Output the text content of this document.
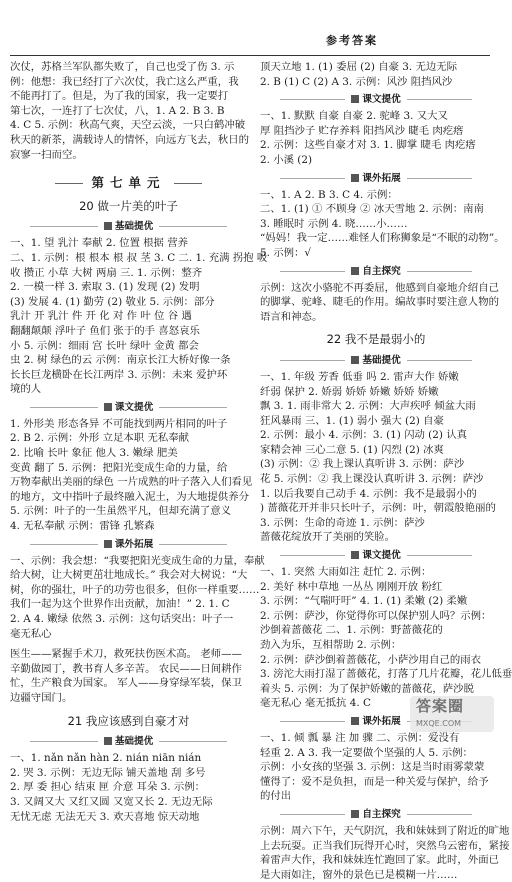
参考答案

次仗，苏格兰军队都失败了，自己也受了伤 3. 示

例：他想：我已经打了六次仗，我亡这么严重，我

不能再打了。但是，为了我的国家，我一定要打

第七次，一连打了七次仗，八，1. A 2. B 3. B

4. C 5. 示例：秋高气爽，天空云淡，一只白鹤冲破

秋天的新茶，满载诗人的情怀，向远方飞去，秋日的

寂寥一扫而空。

第七单元
20 做一片美的叶子
基础提优

一、1. 望 乳汁 奉献 2. 位置 根据 营养

二、1. 示例：根 根本 根 叔 茎 3. C 二. 1. 充满 拐抱 吸

收 攒正 小草 大树 两扇 三. 1. 示例：整齐

2. 一模一样 3. 索取 3. (1) 发现 (2) 发明

(3) 发展 4. (1) 勤劳 (2) 敬业 5. 示例：部分

乳汁 开 乳汁 件 开 化 对 作 叶 位 谷 遇

翻翻颠颠 浮叶子 鱼们 张于的手 喜怒哀乐

小 5. 示例：细雨 宫 长叶 绿叶 金黄 都会

虫 2. 树 绿色的云 示例：南京长江大桥好像一条

长长巨龙横卧在长江两岸 3. 示例：未来 爱护环

境的人

课文提优

1. 外形美 形态各异 不可能找到两片相同的叶子

2. B 2. 示例：外形 立足本职 无私奉献

2. 比喻 长叶 象征 他人 3. 嫩绿 肥美

变黄 翻了 5. 示例：把阳光变成生命的力量，给

万物奉献出美丽的绿色 一片成熟的叶子落入人们看见

的地方，文中指叶子最终融入泥土，为大地提供养分

5. 示例：叶子的一生虽然平凡，但却充满了意义

4. 无私奉献 示例：雷锋 孔繁森

课外拓展

一、示例：我会想：“我要把阳光变成生命的力量，奉献

给大树，让大树更茁壮地成长。” 我会对大树说：“大

树，你的强壮，叶子的功劳也很多，但你一样重要……

我们一起为这个世界作出贡献，加油！” 2. 1. C

2. A 4. 嫩绿 依然 3. 示例：这句话突出：叶子一

毫无私心

医生——紧握手术刀，救死扶伤医术高。 老师——

辛勤做园丁，教书育人多辛苦。 农民——日间耕作

忙，生产粮食为国家。 军人——身穿绿军装，保卫

边疆守国门。

21 我应该感到自豪才对
基础提优

一、1. nǎn nǎn hàn 2. nián niān nián

2. 哭 3. 示例：无边无际 铺天盖地 刮 多号

2. 厚 委 担心 结束 匣 介意 耳朵 3. 示例：

3. 又阔又大 又红又圆 又宽又长 2. 无边无际

无忧无虑 无法无天 3. 欢天喜地 惊天动地

顶天立地 1. (1) 委屈 (2) 自豪 3. 无边无际

2. B (1) C (2) A 3. 示例：风沙 阻挡风沙

课文提优

一、1. 默默 自豪 自豪 2. 驼峰 3. 又大又

厚 阻挡沙子 贮存养料 阳挡风沙 睫毛 肉疙瘩

2. 示例：这些自豪才对 3. 1. 脚掌 睫毛 肉疙瘩

2. 小溪 (2)

课外拓展

一、1. A 2. B 3. C 4. 示例：

二、1. (1) ① 不顾身 ② 冰天雪地 2. 示例：南南

3. 睡眠时 示例 4. 晓……小……

“妈妈！我一定……难怪人们称狮象是“不眠的动物”。

5. 示例：√

自主探究

示例：这次小骆驼不再委屈，他感到自豪地介绍自己

的脚掌、驼峰、睫毛的作用。编故事时要注意人物的

语言和神态。

22 我不是最弱小的
基础提优

一、1. 年级 芳香 低垂 吗 2. 雷声大作 娇嫩

纤弱 保护 2. 娇弱 娇娇 娇嫩 娇娇 娇嫩

飘 3. 1. 雨非常大 2. 示例：大声疾呼 倾盆大雨

狂风暴雨 三、1. (1) 弱小 强大 (2) 自豪

2. 示例：最小 4. 示例：3. (1) 闪动 (2) 认真

家精会神 三心二意 5. (1) 闪烈 (2) 冰爽

(3) 示例：② 我上课认真听讲 3. 示例：萨沙

花 5. 示例：② 我上课没认真听讲 3. 示例：萨沙

1. 以后我要自己动手 4. 示例：我不是最弱小的

) 蔷薇花开并非只长叶子，示例：叶，朝霞般艳丽的

3. 示例：生命的奇迹 1. 示例：萨沙

蔷薇花绽放开了美丽的笑脸。

课文提优

一、1. 突然 大雨如注 赶忙 2. 示例：

2. 美好 林中草地 一丛丛 刚刚开放 粉红

3. 示例：“气喘吁吁” 4. 1. (1) 柔嫩 (2) 柔嫩

2. 示例：萨沙，你觉得你可以保护别人吗？示例：

沙倒着蔷薇花 二、1. 示例：野蔷薇花的

劲入为乐，互相帮助 2. 示例：

2. 示例：萨沙倒着蔷薇花，小萨沙用自己的雨衣

3. 滂沱大雨打湿了蔷薇花，打落了几片花瓣，花儿低垂

着头 5. 示例：为了保护娇嫩的蔷薇花，萨沙脱

毫无私心 毫无抵抗 4. C

课外拓展

一、1. 倾 瓢 暴 注 加 骤 二、示例：爱没有

轻重 2. A 3. 我一定要做个坚强的人 5. 示例：

示例：小女孩的坚强 3. 示例：这是当时雨雾蒙蒙

懂得了：爱不是负担，而是一种关爱与保护，给予

的付出

自主探究

示例：周六下午，天气阴沉，我和妹妹到了附近的旷地

上去玩耍。正当我们玩得开心时，突然乌云密布，紧接

着雷声大作，我和妹妹连忙跑回了家。此时，外面已

是大雨如注，窗外的景色已是模糊一片……

答案圈
MXQE.COM
